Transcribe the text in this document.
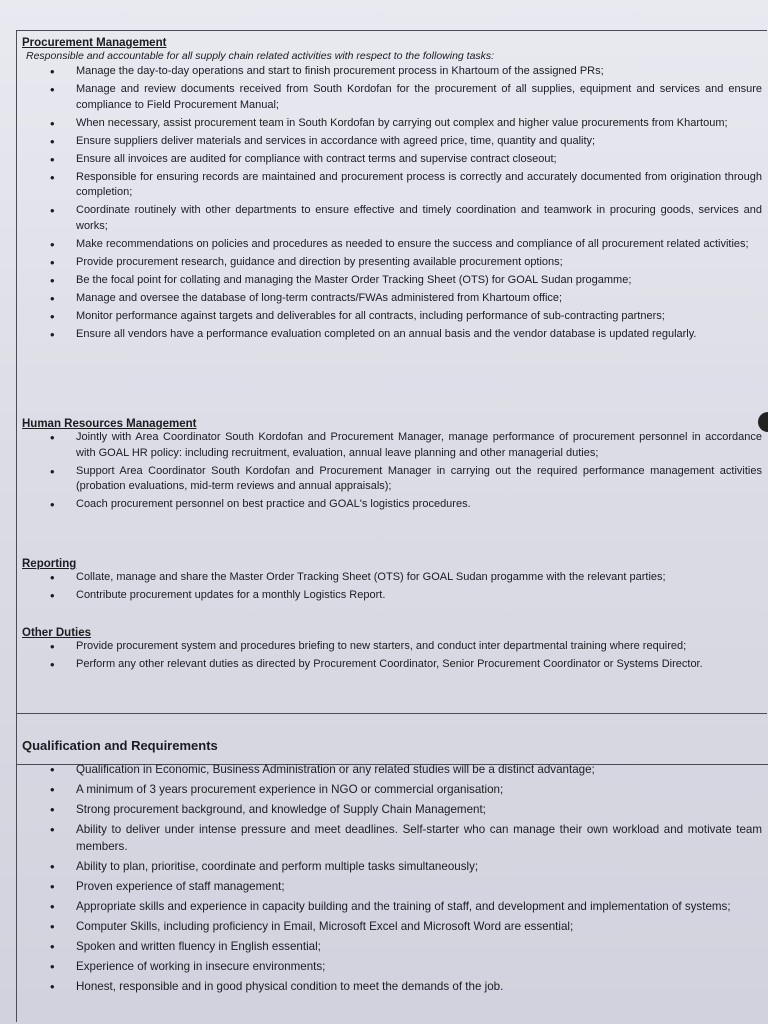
Procurement Management

Responsible and accountable for all supply chain related activities with respect to the following tasks:

• Manage the day-to-day operations and start to finish procurement process in Khartoum of the assigned PRs;
• Manage and review documents received from South Kordofan for the procurement of all supplies, equipment and services and ensure compliance to Field Procurement Manual;
• When necessary, assist procurement team in South Kordofan by carrying out complex and higher value procurements from Khartoum;
• Ensure suppliers deliver materials and services in accordance with agreed price, time, quantity and quality;
• Ensure all invoices are audited for compliance with contract terms and supervise contract closeout;
• Responsible for ensuring records are maintained and procurement process is correctly and accurately documented from origination through completion;
• Coordinate routinely with other departments to ensure effective and timely coordination and teamwork in procuring goods, services and works;
• Make recommendations on policies and procedures as needed to ensure the success and compliance of all procurement related activities;
• Provide procurement research, guidance and direction by presenting available procurement options;
• Be the focal point for collating and managing the Master Order Tracking Sheet (OTS) for GOAL Sudan progamme;
• Manage and oversee the database of long-term contracts/FWAs administered from Khartoum office;
• Monitor performance against targets and deliverables for all contracts, including performance of sub-contracting partners;
• Ensure all vendors have a performance evaluation completed on an annual basis and the vendor database is updated regularly.
Human Resources Management
• Jointly with Area Coordinator South Kordofan and Procurement Manager, manage performance of procurement personnel in accordance with GOAL HR policy: including recruitment, evaluation, annual leave planning and other managerial duties;
• Support Area Coordinator South Kordofan and Procurement Manager in carrying out the required performance management activities (probation evaluations, mid-term reviews and annual appraisals);
• Coach procurement personnel on best practice and GOAL's logistics procedures.
Reporting
• Collate, manage and share the Master Order Tracking Sheet (OTS) for GOAL Sudan progamme with the relevant parties;
• Contribute procurement updates for a monthly Logistics Report.
Other Duties
• Provide procurement system and procedures briefing to new starters, and conduct inter departmental training where required;
• Perform any other relevant duties as directed by Procurement Coordinator, Senior Procurement Coordinator or Systems Director.
Qualification and Requirements
• Qualification in Economic, Business Administration or any related studies will be a distinct advantage;
• A minimum of 3 years procurement experience in NGO or commercial organisation;
• Strong procurement background, and knowledge of Supply Chain Management;
• Ability to deliver under intense pressure and meet deadlines. Self-starter who can manage their own workload and motivate team members.
• Ability to plan, prioritise, coordinate and perform multiple tasks simultaneously;
• Proven experience of staff management;
• Appropriate skills and experience in capacity building and the training of staff, and development and implementation of systems;
• Computer Skills, including proficiency in Email, Microsoft Excel and Microsoft Word are essential;
• Spoken and written fluency in English essential;
• Experience of working in insecure environments;
• Honest, responsible and in good physical condition to meet the demands of the job.
